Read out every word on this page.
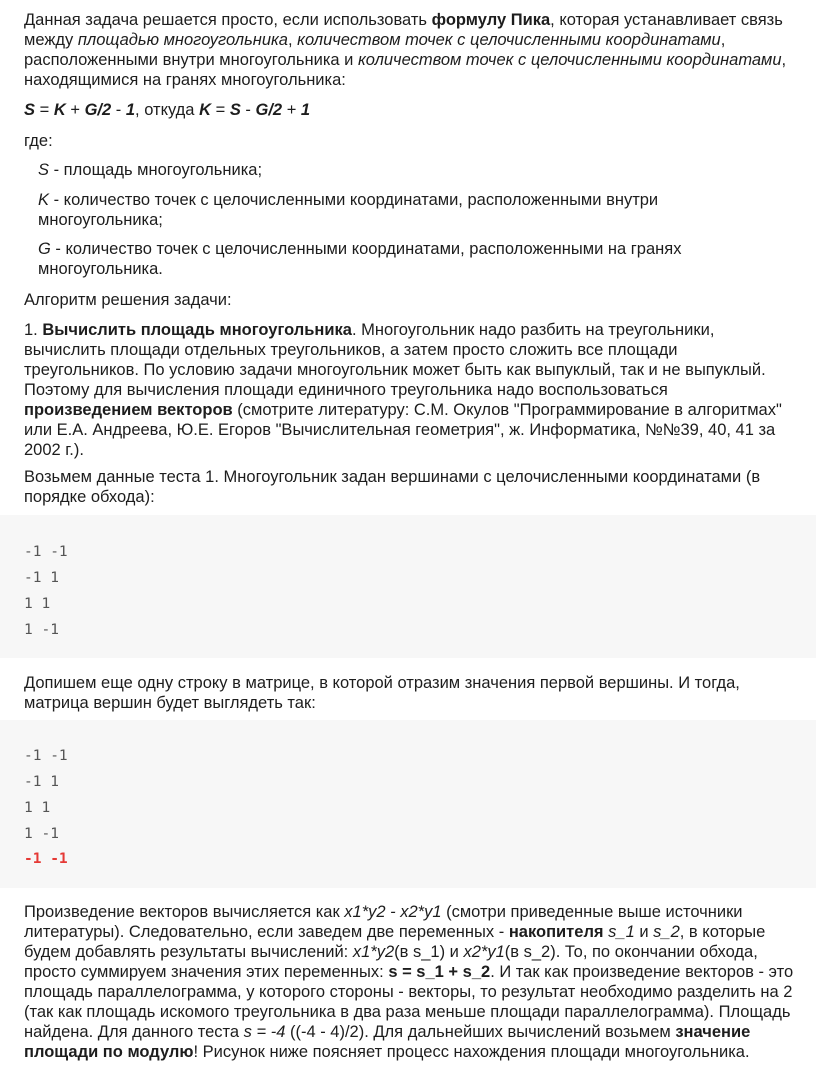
Данная задача решается просто, если использовать формулу Пика, которая устанавливает связь между площадью многоугольника, количеством точек с целочисленными координатами, расположенными внутри многоугольника и количеством точек с целочисленными координатами, находящимися на гранях многоугольника:

S = K + G/2 - 1, откуда K = S - G/2 + 1

где:

S - площадь многоугольника;

K - количество точек с целочисленными координатами, расположенными внутри многоугольника;

G - количество точек с целочисленными координатами, расположенными на гранях многоугольника.

Алгоритм решения задачи:

1. Вычислить площадь многоугольника. Многоугольник надо разбить на треугольники, вычислить площади отдельных треугольников, а затем просто сложить все площади треугольников. По условию задачи многоугольник может быть как выпуклый, так и не выпуклый. Поэтому для вычисления площади единичного треугольника надо воспользоваться произведением векторов (смотрите литературу: С.М. Окулов "Программирование в алгоритмах" или Е.А. Андреева, Ю.Е. Егоров "Вычислительная геометрия", ж. Информатика, №№39, 40, 41 за 2002 г.).

Возьмем данные теста 1. Многоугольник задан вершинами с целочисленными координатами (в порядке обхода):

-1 -1
-1 1
1 1
1 -1

Допишем еще одну строку в матрице, в которой отразим значения первой вершины. И тогда, матрица вершин будет выглядеть так:

-1 -1
-1 1
1 1
1 -1
-1 -1

Произведение векторов вычисляется как x1*y2 - x2*y1 (смотри приведенные выше источники литературы). Следовательно, если заведем две переменных - накопителя s_1 и s_2, в которые будем добавлять результаты вычислений: x1*y2(в s_1) и x2*y1(в s_2). То, по окончании обхода, просто суммируем значения этих переменных: s = s_1 + s_2. И так как произведение векторов - это площадь параллелограмма, у которого стороны - векторы, то результат необходимо разделить на 2 (так как площадь искомого треугольника в два раза меньше площади параллелограмма). Площадь найдена. Для данного теста s = -4 ((-4 - 4)/2). Для дальнейших вычислений возьмем значение площади по модулю! Рисунок ниже поясняет процесс нахождения площади многоугольника.
